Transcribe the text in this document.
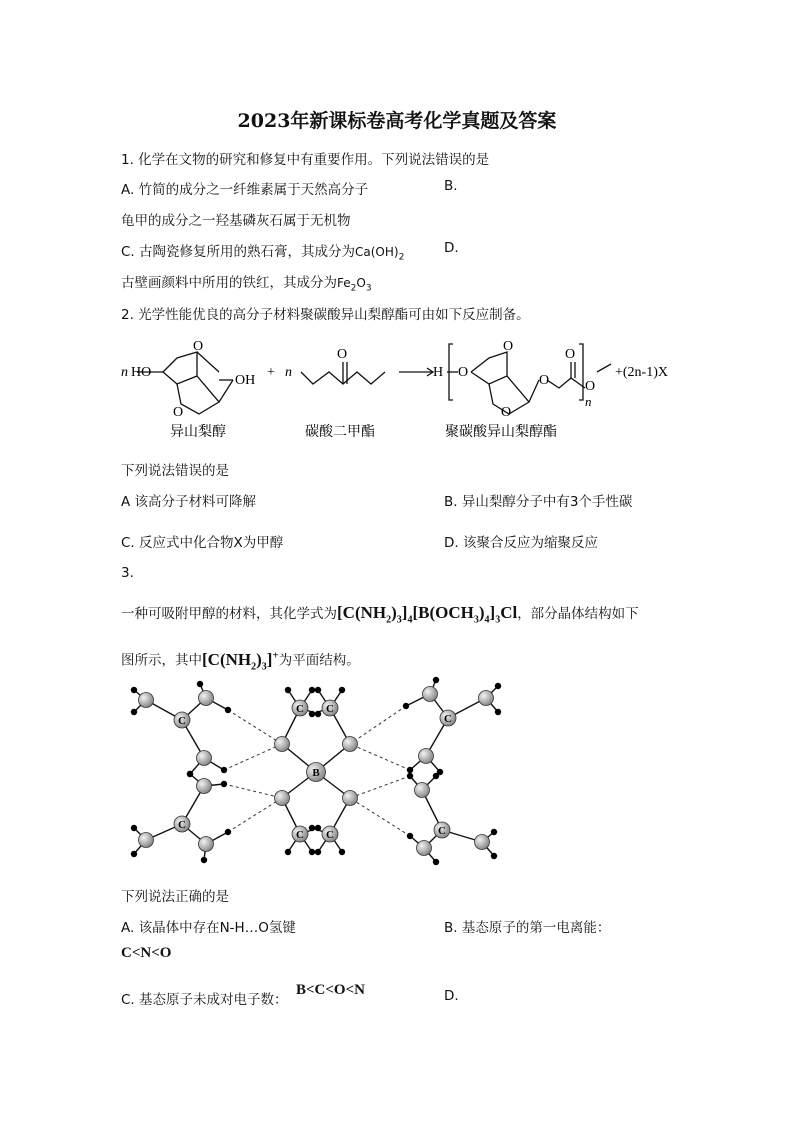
2023年新课标卷高考化学真题及答案
1. 化学在文物的研究和修复中有重要作用。下列说法错误的是
A. 竹简的成分之一纤维素属于天然高分子	B.
龟甲的成分之一羟基磷灰石属于无机物
C. 古陶瓷修复所用的熟石膏，其成分为$Ca(OH)_2$
D.
古壁画颜料中所用的铁红，其成分为$Fe_2O_3$
2. 光学性能优良的高分子材料聚碳酸异山梨醇酯可由如下反应制备。
n HO
OH
O
O
+ n
O
H O
O
O
O
O
O
n
+(2n-1)X
异山梨醇	碳酸二甲酯	聚碳酸异山梨醇酯
下列说法错误的是
A 该高分子材料可降解	B. 异山梨醇分子中有3个手性碳
C. 反应式中化合物X为甲醇	D. 该聚合反应为缩聚反应
3.
一种可吸附甲醇的材料，其化学式为$[C(NH_2)_3]_4[B(OCH_3)_4]_3Cl$，部分晶体结构如下
图所示，其中$[C(NH_2)_3]^+$为平面结构。
C
C
C
C
C C
C C
B
下列说法正确的是
A. 该晶体中存在N-H…O氢键	B. 基态原子的第一电离能：
C<N<O
C. 基态原子未成对电子数：
B<C<O<N	D.
